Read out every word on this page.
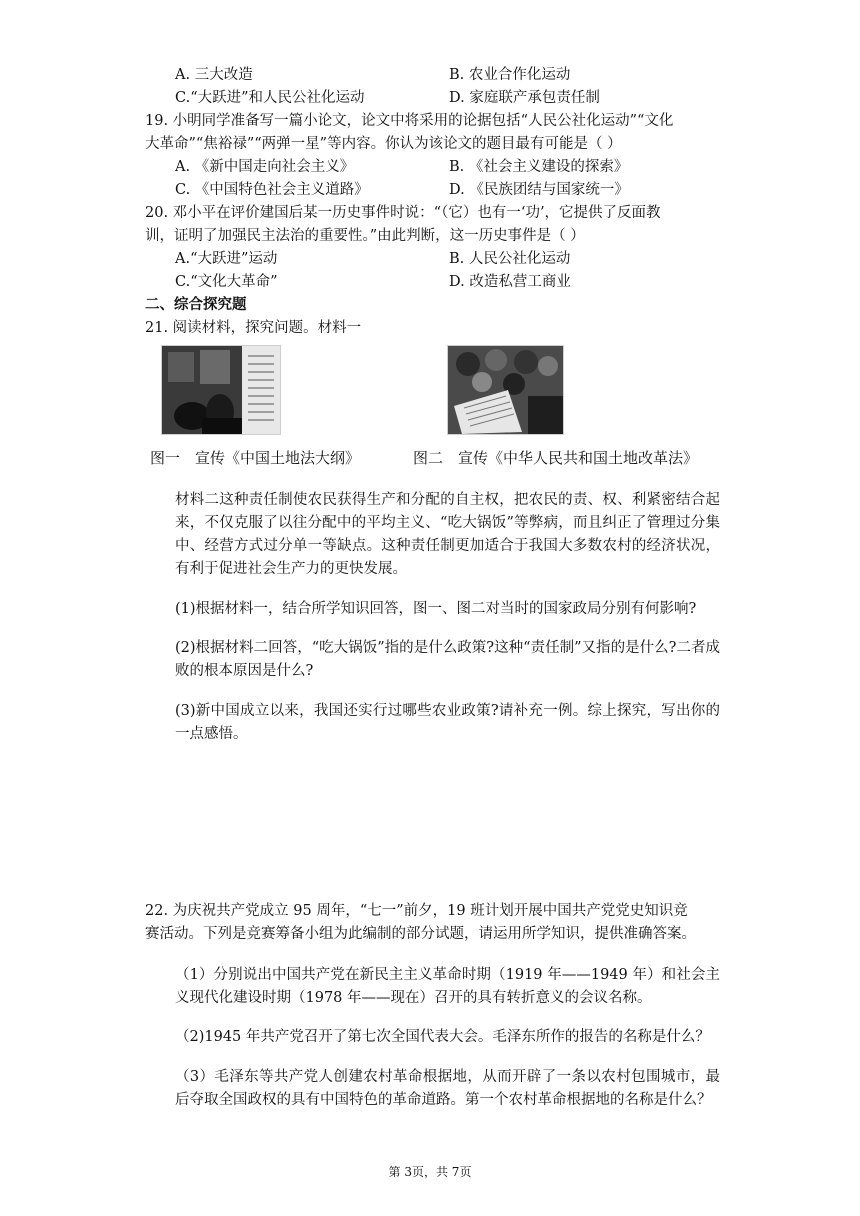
A. 三大改造	B. 农业合作化运动
C.“大跃进”和人民公社化运动	D. 家庭联产承包责任制
19. 小明同学准备写一篇小论文，论文中将采用的论据包括“人民公社化运动”“文化
大革命”“焦裕禄”“两弹一星”等内容。你认为该论文的题目最有可能是（ ）
A. 《新中国走向社会主义》	B. 《社会主义建设的探索》
C. 《中国特色社会主义道路》	D. 《民族团结与国家统一》
20. 邓小平在评价建国后某一历史事件时说：“（它）也有一‘功’，它提供了反面教
训，证明了加强民主法治的重要性。”由此判断，这一历史事件是（ ）
A.“大跃进”运动	B. 人民公社化运动
C.“文化大革命”	D. 改造私营工商业
二、综合探究题
21. 阅读材料，探究问题。材料一
图一　宣传《中国土地法大纲》	图二　宣传《中华人民共和国土地改革法》
材料二这种责任制使农民获得生产和分配的自主权，把农民的责、权、利紧密结合起来，不仅克服了以往分配中的平均主义、“吃大锅饭”等弊病，而且纠正了管理过分集中、经营方式过分单一等缺点。这种责任制更加适合于我国大多数农村的经济状况，有利于促进社会生产力的更快发展。
(1)根据材料一，结合所学知识回答，图一、图二对当时的国家政局分别有何影响?
(2)根据材料二回答，“吃大锅饭”指的是什么政策?这种“责任制”又指的是什么?二者成败的根本原因是什么?
(3)新中国成立以来，我国还实行过哪些农业政策?请补充一例。综上探究，写出你的一点感悟。
22. 为庆祝共产党成立 95 周年，“七一”前夕，19 班计划开展中国共产党党史知识竞
赛活动。下列是竞赛筹备小组为此编制的部分试题，请运用所学知识，提供准确答案。
（1）分别说出中国共产党在新民主主义革命时期（1919 年——1949 年）和社会主义现代化建设时期（1978 年——现在）召开的具有转折意义的会议名称。
（2)1945 年共产党召开了第七次全国代表大会。毛泽东所作的报告的名称是什么？
（3）毛泽东等共产党人创建农村革命根据地，从而开辟了一条以农村包围城市，最后夺取全国政权的具有中国特色的革命道路。第一个农村革命根据地的名称是什么？
第 3页，共 7页
